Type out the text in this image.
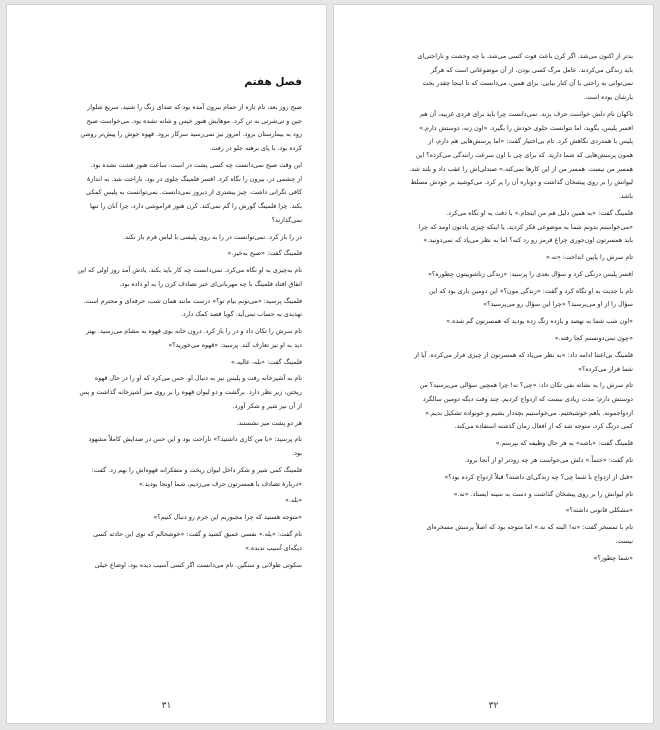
بدتر از اکنون می‌شد. اگر کرن باعث فوت کسی می‌شد، با چه وحشت و ناراحتی‌ای
باید زندگی می‌کردند. عامل مرگ کسی بودن، از آن موضوعاتی است که هرگز
نمی‌توانی به راحتی با آن کنار بیایی. برای همین، می‌دانست که تا اینجا چقدر بخت
یارشان بوده است.
تاکهان تام دلش خواست حرف بزند. نمی‌دانست چرا باید برای فردی غریبه، آن هم
افسر پلیس، بگوید، اما نتوانست جلوی خودش را بگیرد. «اون زنه، دوستش دارم.»
پلیس با همدردی نگاهش کرد. تام بی‌اختیار گفت: «اما پرسش‌هایی هم دارم، از
همون پرسش‌هایی که شما دارید. که برای چی با اون سرعت رانندگی می‌کرده؟ این
همسر من نیست. همسر من از این کارها نمی‌کنه.» صندلی‌اش را عقب داد و بلند شد.
لیوانش را بر روی پیشخان گذاشت و دوباره آن را پر کرد. می‌کوشید بر خودش مسلط
باشد.
فلمینگ گفت: «به همین دلیل هم من اینجام.» با دقت به او نگاه می‌کرد.
«می‌خواستم بدونم شما به موضوعی فکر کردید، یا اینکه چیزی یادتون اومد که چرا
باید همسرتون اون‌جوری چراغ قرمز رو رد کنه؟ اما به نظر می‌یاد که نمی‌دونید.»
تام سرش را پایین انداخت: «نه.»
افسر پلیس درنگی کرد و سؤال بعدی را پرسید: «زندگی زناشوییتون چطوره؟»
تام با جدیت به او نگاه کرد و گفت: «زندگی مون؟» این دومین باری بود که این
سؤال را از او می‌پرسید؟ «چرا این سؤال رو می‌پرسید؟»
«اون شب شما به نهصد و یازده زنگ زده بودید که همسرتون گم شده.»
«چون نمی‌دونستم کجا رفته.»
فلمینگ بی‌اعتنا ادامه داد: «به نظر می‌یاد که همسرتون از چیزی فرار می‌کرده. آیا از
شما فرار می‌کرده؟»
تام سرش را به نشانه نفی تکان داد: «چی؟ نه! چرا همچین سؤالی می‌پرسید؟ من
دوستش دارم؛ مدت زیادی نیست که ازدواج کردیم. چند وقت دیگه دومین سالگرد
ازدواجمونه. باهم خوشبختیم. می‌خواستیم بچه‌دار بشیم و خونواده تشکیل بدیم.»
کمی درنگ کرد، متوجه شد که از افعال زمان گذشته استفاده می‌کند.
فلمینگ گفت: «باشه» به هر حال وظیفه که بپرسم.»
تام گفت: «حتماً.» دلش می‌خواست هر چه زودتر او از آنجا برود.
«قبل از ازدواج با شما چی؟ چه زندگی‌ای داشته؟ قبلاً ازدواج کرده بود؟»
تام لیوانش را بر روی پیشخان گذاشت و دست به سینه ایستاد. «نه.»
«مشکلی قانونی داشته؟»
تام با تمسخر گفت: «نه! البته که نه.» اما متوجه بود که اصلاً پرسش مسخره‌ای
نیست.
«شما چطور؟»
۳۲
فصل هفتم
صبح روز بعد، تام تازه از حمام بیرون آمده بود که صدای زنگ را شنید. سریع شلوار
جین و تی‌شرتی به تن کرد. موهایش هنوز خیس و شانه نشده بود. می‌خواست صبح
زود به بیمارستان برود. امروز نیز نمی‌رسید سرکار برود. قهوه جوش را پیش‌تر روشن
کرده بود. با پای برهنه جلو در رفت.
این وقت صبح نمی‌دانست چه کسی پشت در است. ساعت هنوز هشت نشده بود.
از چشمی در، بیرون را نگاه کرد. افسر فلمینگ جلوی در بود. ناراحت شد. به اندازهٔ
کافی نگرانی داشت. چیز بیشتری از دیروز نمی‌دانست. نمی‌توانست به پلیس کمکی
بکند. چرا فلمینگ گورش را گم نمی‌کند. کرن هنوز فراموشی دارد، چرا آنان را تنها
نمی‌گذارند؟
در را باز کرد. نمی‌توانست در را به روی پلیسی با لباس فرم باز نکند.
فلمینگ گفت: «صبح به‌خیر.»
تام به‌چیزی به او نگاه می‌کرد. نمی‌دانست چه کار باید بکند. یادش آمد روز اولی که این
اتفاق افتاد فلمینگ با چه مهربانی‌ای خبر تصادف کرن را به او داده بود.
فلمینگ پرسید: «می‌تونم بیام تو؟» درست مانند همان شب، حرفه‌ای و محترم است.
تهدیدی به حساب نمی‌آید. گویا قصد کمک دارد.
تام سرش را تکان داد و در را باز کرد. درون خانه بوی قهوه به مشام می‌رسید. بهتر
دید به او نیز تعارف کند. پرسید: «قهوه می‌خورید؟»
فلمینگ گفت: «بله، عالیه.»
تام به آشپزخانه رفت و پلیس نیز به دنبال او. حس می‌کرد که او را در حال قهوه
ریختن، زیر نظر دارد. برگشت و دو لیوان قهوه را بر روی میز آشپزخانه گذاشت و پس
از آن نیز شیر و شکر آورد.
هر دو پشت میز نشستند.
تام پرسید: «با من کاری داشتید؟» ناراحت بود و این حس در صدایش کاملاً مشهود
بود.
فلمینگ کمی شیر و شکر داخل لیوان ریخت و متفکرانه قهوه‌اش را بهم زد. گفت:
«دربارهٔ تصادف با همسرتون حرف می‌زدیم، شما اونجا بودید.»
«بله.»
«متوجه هستید که چرا مجبوریم این جرم رو دنبال کنیم؟»
تام گفت: «بله.» نفسی عمیق کشید و گفت: «خوشحالم که توی این حادثه کسی
دیگه‌ای آسیب ندیده.»
سکوتی طولانی و سنگین. تام می‌دانست اگر کسی آسیب دیده بود، اوضاع خیلی
۳۱
